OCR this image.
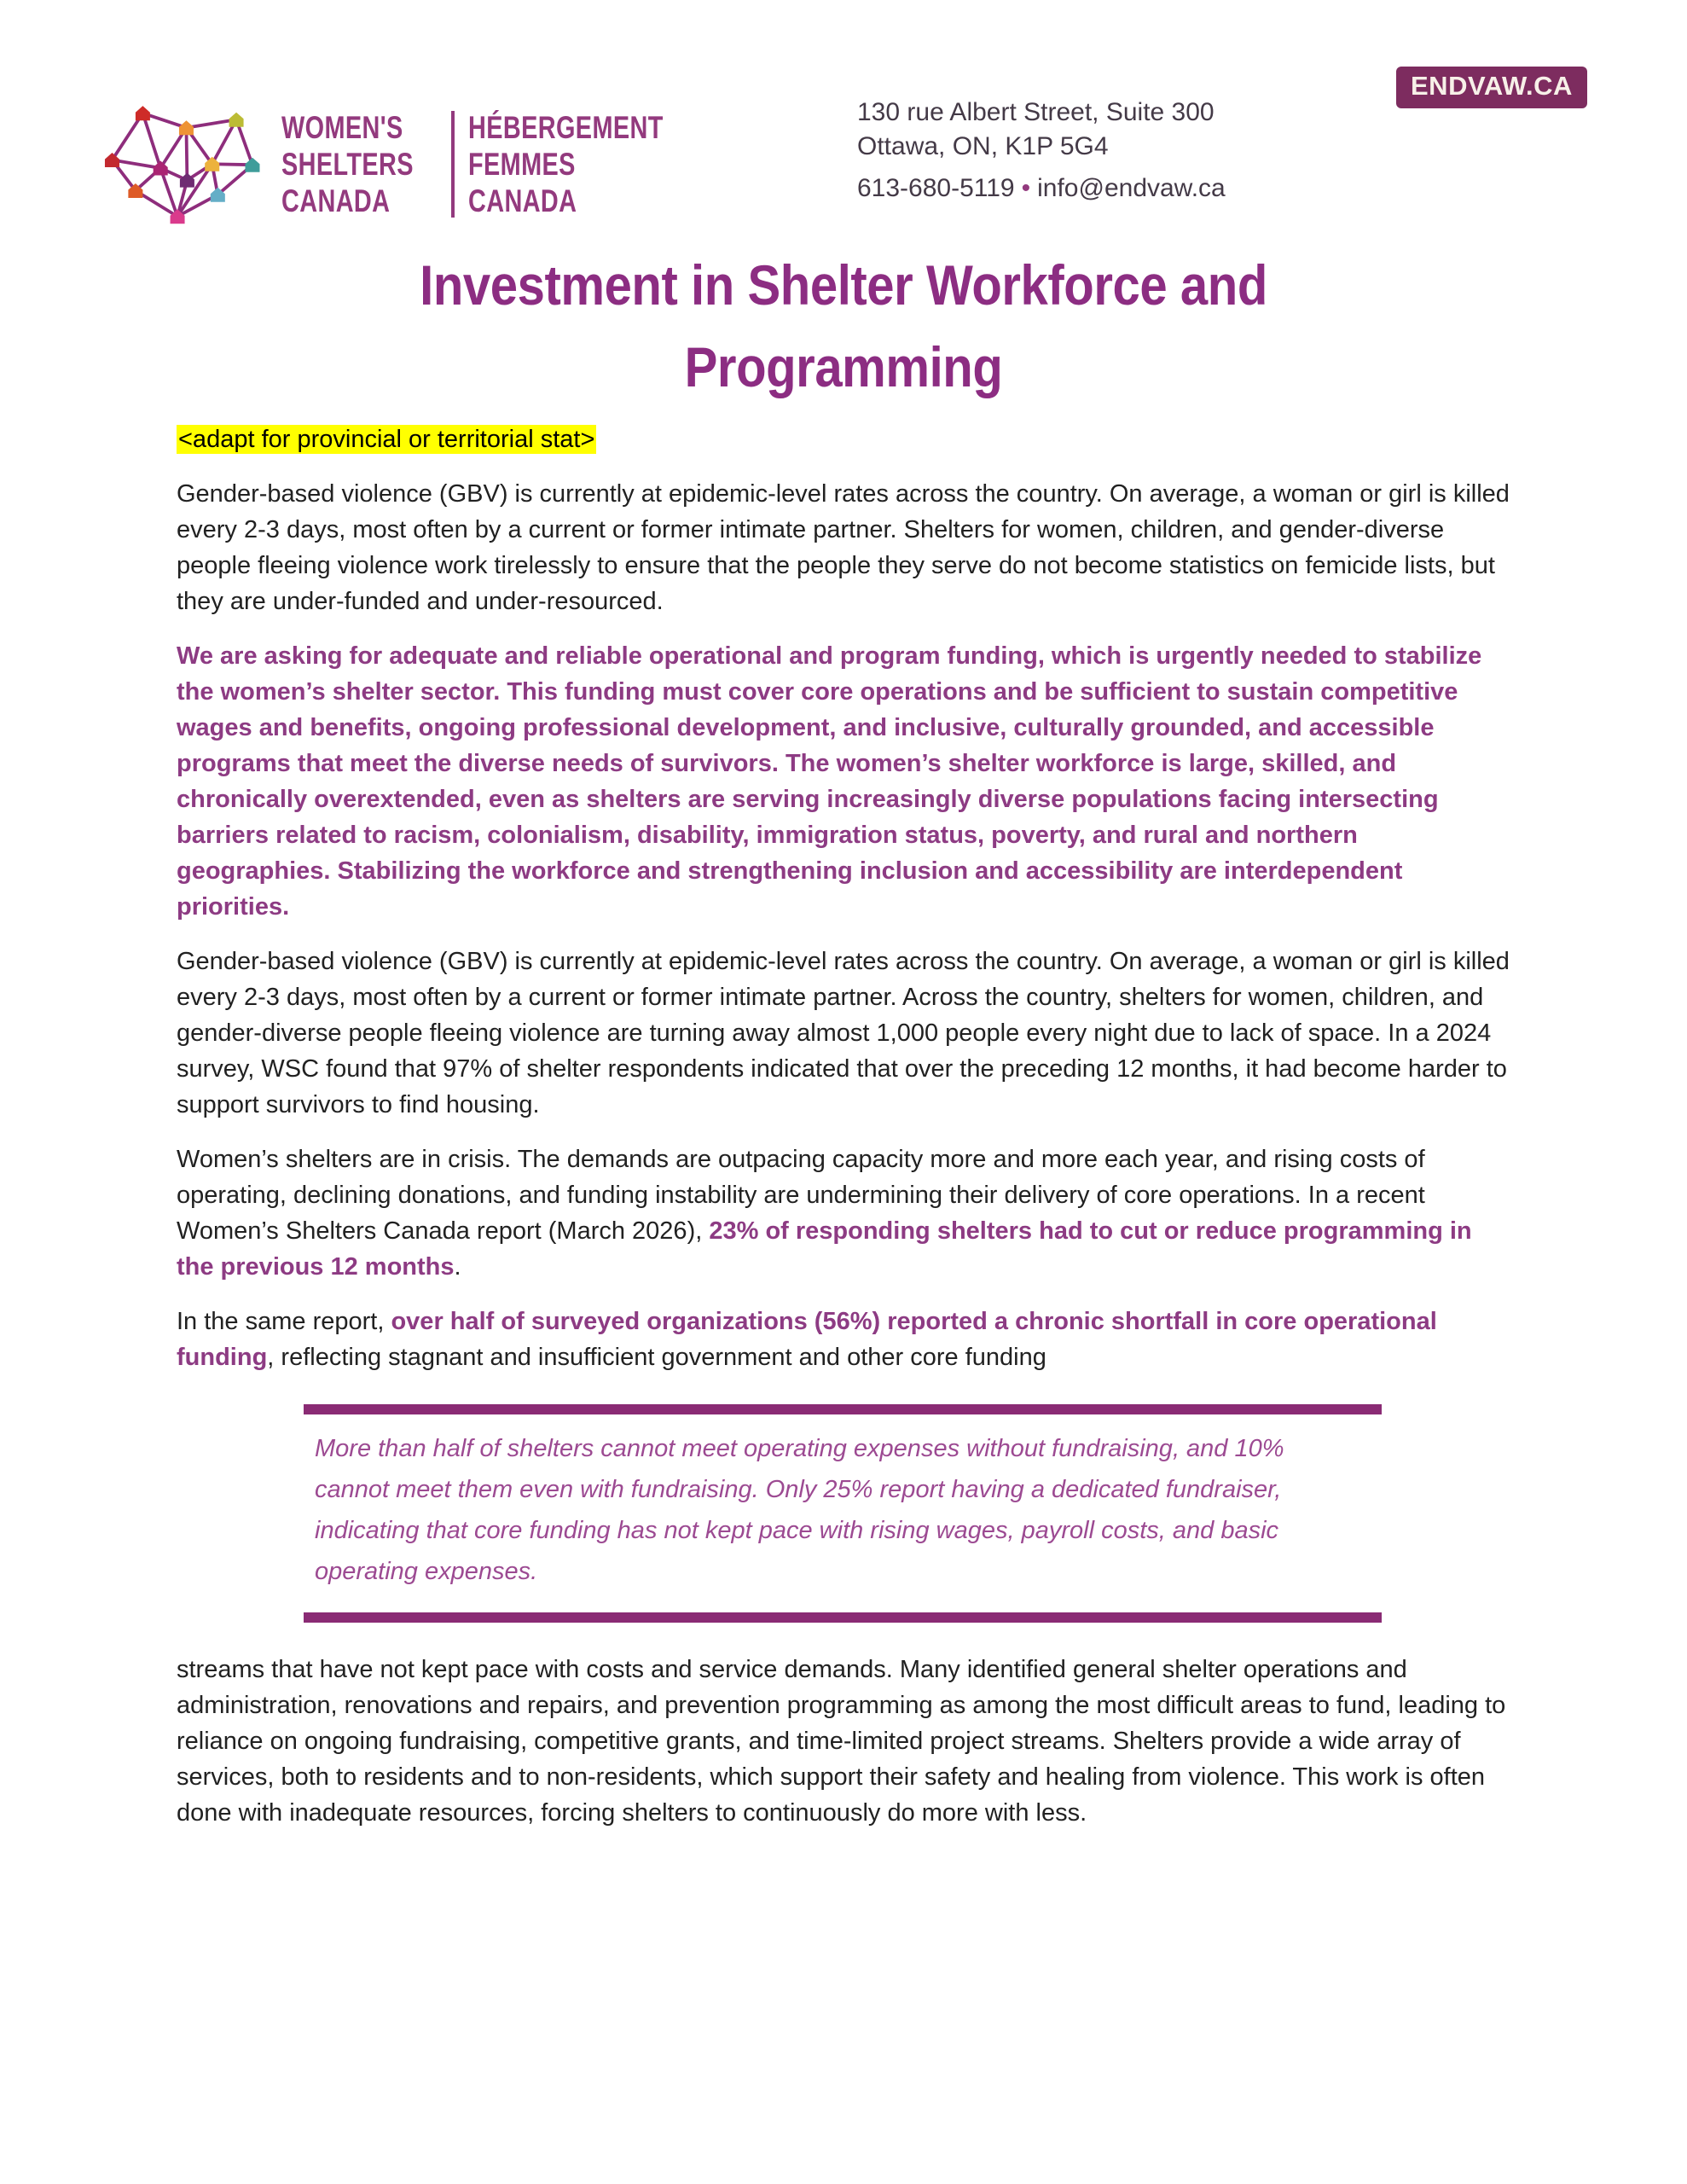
WOMEN'S
SHELTERS
CANADA
HÉBERGEMENT
FEMMES
CANADA
130 rue Albert Street, Suite 300
Ottawa, ON, K1P 5G4
613-680-5119 • info@endvaw.ca
ENDVAW.CA
Investment in Shelter Workforce and
Programming

<adapt for provincial or territorial stat>

Gender-based violence (GBV) is currently at epidemic-level rates across the country. On average, a woman or girl is killed every 2-3 days, most often by a current or former intimate partner. Shelters for women, children, and gender-diverse people fleeing violence work tirelessly to ensure that the people they serve do not become statistics on femicide lists, but they are under-funded and under-resourced.

We are asking for adequate and reliable operational and program funding, which is urgently needed to stabilize the women’s shelter sector. This funding must cover core operations and be sufficient to sustain competitive wages and benefits, ongoing professional development, and inclusive, culturally grounded, and accessible programs that meet the diverse needs of survivors. The women’s shelter workforce is large, skilled, and chronically overextended, even as shelters are serving increasingly diverse populations facing intersecting barriers related to racism, colonialism, disability, immigration status, poverty, and rural and northern geographies. Stabilizing the workforce and strengthening inclusion and accessibility are interdependent priorities.

Gender-based violence (GBV) is currently at epidemic-level rates across the country. On average, a woman or girl is killed every 2-3 days, most often by a current or former intimate partner. Across the country, shelters for women, children, and gender-diverse people fleeing violence are turning away almost 1,000 people every night due to lack of space. In a 2024 survey, WSC found that 97% of shelter respondents indicated that over the preceding 12 months, it had become harder to support survivors to find housing.

Women’s shelters are in crisis. The demands are outpacing capacity more and more each year, and rising costs of operating, declining donations, and funding instability are undermining their delivery of core operations. In a recent Women’s Shelters Canada report (March 2026), 23% of responding shelters had to cut or reduce programming in the previous 12 months.

In the same report, over half of surveyed organizations (56%) reported a chronic shortfall in core operational funding, reflecting stagnant and insufficient government and other core funding

More than half of shelters cannot meet operating expenses without fundraising, and 10% cannot meet them even with fundraising. Only 25% report having a dedicated fundraiser, indicating that core funding has not kept pace with rising wages, payroll costs, and basic operating expenses.

streams that have not kept pace with costs and service demands. Many identified general shelter operations and administration, renovations and repairs, and prevention programming as among the most difficult areas to fund, leading to reliance on ongoing fundraising, competitive grants, and time-limited project streams. Shelters provide a wide array of services, both to residents and to non-residents, which support their safety and healing from violence. This work is often done with inadequate resources, forcing shelters to continuously do more with less.
